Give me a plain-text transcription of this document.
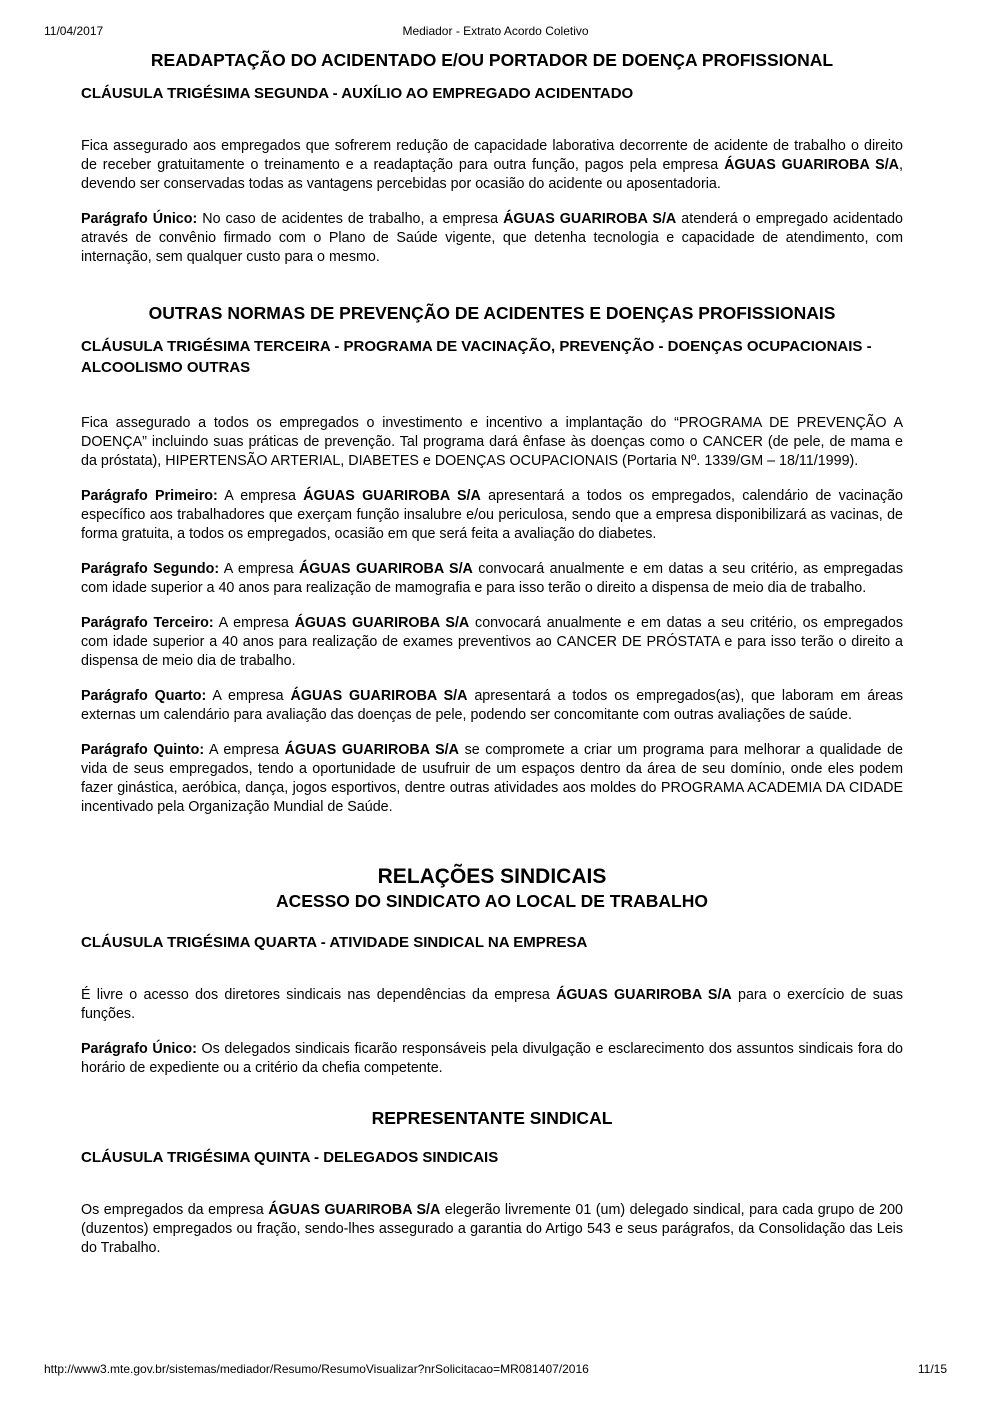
11/04/2017	Mediador - Extrato Acordo Coletivo
READAPTAÇÃO DO ACIDENTADO E/OU PORTADOR DE DOENÇA PROFISSIONAL
CLÁUSULA TRIGÉSIMA SEGUNDA - AUXÍLIO AO EMPREGADO ACIDENTADO

Fica assegurado aos empregados que sofrerem redução de capacidade laborativa decorrente de acidente de trabalho o direito de receber gratuitamente o treinamento e a readaptação para outra função, pagos pela empresa ÁGUAS GUARIROBA S/A, devendo ser conservadas todas as vantagens percebidas por ocasião do acidente ou aposentadoria.

Parágrafo Único: No caso de acidentes de trabalho, a empresa ÁGUAS GUARIROBA S/A atenderá o empregado acidentado através de convênio firmado com o Plano de Saúde vigente, que detenha tecnologia e capacidade de atendimento, com internação, sem qualquer custo para o mesmo.

OUTRAS NORMAS DE PREVENÇÃO DE ACIDENTES E DOENÇAS PROFISSIONAIS
CLÁUSULA TRIGÉSIMA TERCEIRA - PROGRAMA DE VACINAÇÃO, PREVENÇÃO - DOENÇAS OCUPACIONAIS - ALCOOLISMO OUTRAS

Fica assegurado a todos os empregados o investimento e incentivo a implantação do “PROGRAMA DE PREVENÇÃO A DOENÇA” incluindo suas práticas de prevenção. Tal programa dará ênfase às doenças como o CANCER (de pele, de mama e da próstata), HIPERTENSÃO ARTERIAL, DIABETES e DOENÇAS OCUPACIONAIS (Portaria Nº. 1339/GM – 18/11/1999).

Parágrafo Primeiro: A empresa ÁGUAS GUARIROBA S/A apresentará a todos os empregados, calendário de vacinação específico aos trabalhadores que exerçam função insalubre e/ou periculosa, sendo que a empresa disponibilizará as vacinas, de forma gratuita, a todos os empregados, ocasião em que será feita a avaliação do diabetes.

Parágrafo Segundo: A empresa ÁGUAS GUARIROBA S/A convocará anualmente e em datas a seu critério, as empregadas com idade superior a 40 anos para realização de mamografia e para isso terão o direito a dispensa de meio dia de trabalho.

Parágrafo Terceiro: A empresa ÁGUAS GUARIROBA S/A convocará anualmente e em datas a seu critério, os empregados com idade superior a 40 anos para realização de exames preventivos ao CANCER DE PRÓSTATA e para isso terão o direito a dispensa de meio dia de trabalho.

Parágrafo Quarto: A empresa ÁGUAS GUARIROBA S/A apresentará a todos os empregados(as), que laboram em áreas externas um calendário para avaliação das doenças de pele, podendo ser concomitante com outras avaliações de saúde.

Parágrafo Quinto: A empresa ÁGUAS GUARIROBA S/A se compromete a criar um programa para melhorar a qualidade de vida de seus empregados, tendo a oportunidade de usufruir de um espaços dentro da área de seu domínio, onde eles podem fazer ginástica, aeróbica, dança, jogos esportivos, dentre outras atividades aos moldes do PROGRAMA ACADEMIA DA CIDADE incentivado pela Organização Mundial de Saúde.

RELAÇÕES SINDICAIS
ACESSO DO SINDICATO AO LOCAL DE TRABALHO
CLÁUSULA TRIGÉSIMA QUARTA - ATIVIDADE SINDICAL NA EMPRESA

É livre o acesso dos diretores sindicais nas dependências da empresa ÁGUAS GUARIROBA S/A para o exercício de suas funções.

Parágrafo Único: Os delegados sindicais ficarão responsáveis pela divulgação e esclarecimento dos assuntos sindicais fora do horário de expediente ou a critério da chefia competente.

REPRESENTANTE SINDICAL
CLÁUSULA TRIGÉSIMA QUINTA - DELEGADOS SINDICAIS

Os empregados da empresa ÁGUAS GUARIROBA S/A elegerão livremente 01 (um) delegado sindical, para cada grupo de 200 (duzentos) empregados ou fração, sendo-lhes assegurado a garantia do Artigo 543 e seus parágrafos, da Consolidação das Leis do Trabalho.

http://www3.mte.gov.br/sistemas/mediador/Resumo/ResumoVisualizar?nrSolicitacao=MR081407/2016	11/15
